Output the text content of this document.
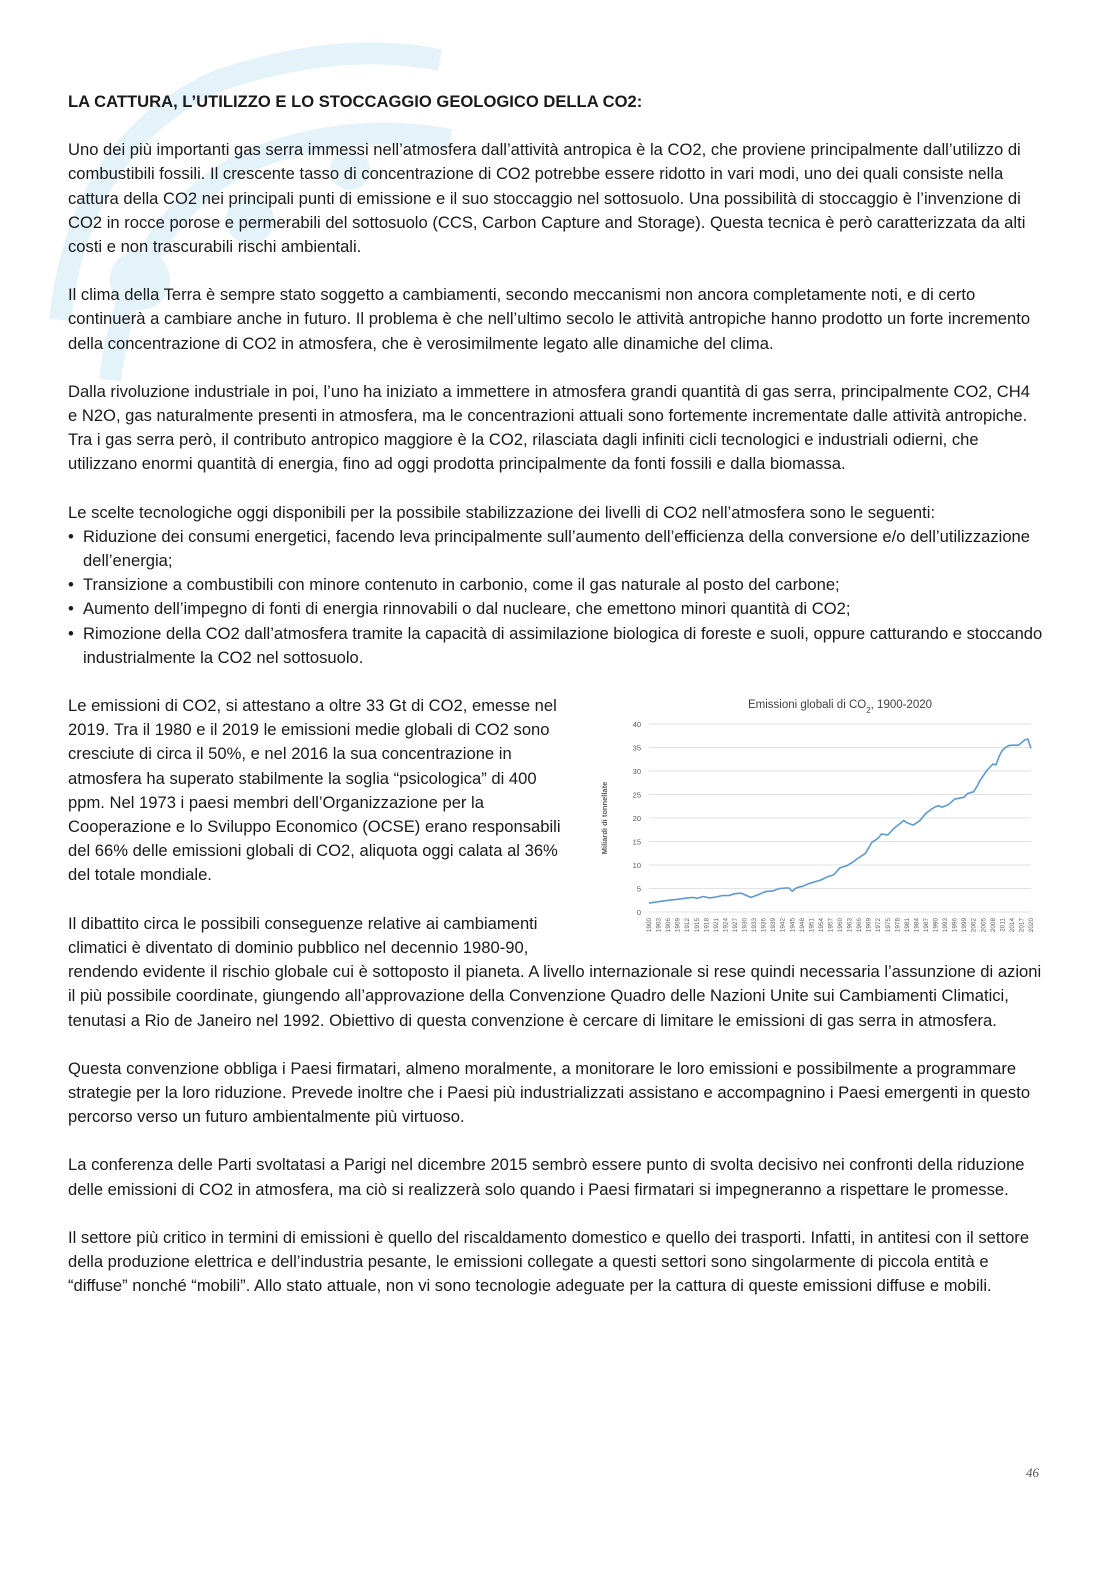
LA CATTURA, L’UTILIZZO E LO STOCCAGGIO GEOLOGICO DELLA CO2:

Uno dei più importanti gas serra immessi nell’atmosfera dall’attività antropica è la CO2, che proviene principalmente dall’utilizzo di combustibili fossili. Il crescente tasso di concentrazione di CO2 potrebbe essere ridotto in vari modi, uno dei quali consiste nella cattura della CO2 nei principali punti di emissione e il suo stoccaggio nel sottosuolo. Una possibilità di stoccaggio è l’invenzione di CO2 in rocce porose e permerabili del sottosuolo (CCS, Carbon Capture and Storage). Questa tecnica è però caratterizzata da alti costi e non trascurabili rischi ambientali.

Il clima della Terra è sempre stato soggetto a cambiamenti, secondo meccanismi non ancora completamente noti, e di certo continuerà a cambiare anche in futuro. Il problema è che nell’ultimo secolo le attività antropiche hanno prodotto un forte incremento della concentrazione di CO2 in atmosfera, che è verosimilmente legato alle dinamiche del clima.

Dalla rivoluzione industriale in poi, l’uno ha iniziato a immettere in atmosfera grandi quantità di gas serra, principalmente CO2, CH4 e N2O, gas naturalmente presenti in atmosfera, ma le concentrazioni attuali sono fortemente incrementate dalle attività antropiche. Tra i gas serra però, il contributo antropico maggiore è la CO2, rilasciata dagli infiniti cicli tecnologici e industriali odierni, che utilizzano enormi quantità di energia, fino ad oggi prodotta principalmente da fonti fossili e dalla biomassa.

Le scelte tecnologiche oggi disponibili per la possibile stabilizzazione dei livelli di CO2 nell’atmosfera sono le seguenti:
• Riduzione dei consumi energetici, facendo leva principalmente sull’aumento dell’efficienza della conversione e/o dell’utilizzazione dell’energia;
• Transizione a combustibili con minore contenuto in carbonio, come il gas naturale al posto del carbone;
• Aumento dell’impegno di fonti di energia rinnovabili o dal nucleare, che emettono minori quantità di CO2;
• Rimozione della CO2 dall’atmosfera tramite la capacità di assimilazione biologica di foreste e suoli, oppure catturando e stoccando industrialmente la CO2 nel sottosuolo.
Emissioni globali di $CO_2$, 1900-2020
0
5
10
15
20
25
30
35
40
Miliardi di tonnellate
1900 1903 1906 1909 1912 1915 1918 1921 1924 1927 1930 1933 1936 1939 1942 1945 1948 1951 1954 1957 1960 1963 1966 1969 1972 1975 1978 1981 1984 1987 1990 1993 1996 1999 2002 2005 2008 2011 2014 2017 2020

Le emissioni di CO2, si attestano a oltre 33 Gt di CO2, emesse nel 2019. Tra il 1980 e il 2019 le emissioni medie globali di CO2 sono cresciute di circa il 50%, e nel 2016 la sua concentrazione in atmosfera ha superato stabilmente la soglia “psicologica” di 400 ppm. Nel 1973 i paesi membri dell’Organizzazione per la Cooperazione e lo Sviluppo Economico (OCSE) erano responsabili del 66% delle emissioni globali di CO2, aliquota oggi calata al 36% del totale mondiale.

Il dibattito circa le possibili conseguenze relative ai cambiamenti climatici è diventato di dominio pubblico nel decennio 1980-90, rendendo evidente il rischio globale cui è sottoposto il pianeta. A livello internazionale si rese quindi necessaria l’assunzione di azioni il più possibile coordinate, giungendo all’approvazione della Convenzione Quadro delle Nazioni Unite sui Cambiamenti Climatici, tenutasi a Rio de Janeiro nel 1992. Obiettivo di questa convenzione è cercare di limitare le emissioni di gas serra in atmosfera.

Questa convenzione obbliga i Paesi firmatari, almeno moralmente, a monitorare le loro emissioni e possibilmente a programmare strategie per la loro riduzione. Prevede inoltre che i Paesi più industrializzati assistano e accompagnino i Paesi emergenti in questo percorso verso un futuro ambientalmente più virtuoso.

La conferenza delle Parti svoltatasi a Parigi nel dicembre 2015 sembrò essere punto di svolta decisivo nei confronti della riduzione delle emissioni di CO2 in atmosfera, ma ciò si realizzerà solo quando i Paesi firmatari si impegneranno a rispettare le promesse.

Il settore più critico in termini di emissioni è quello del riscaldamento domestico e quello dei trasporti. Infatti, in antitesi con il settore della produzione elettrica e dell’industria pesante, le emissioni collegate a questi settori sono singolarmente di piccola entità e “diffuse” nonché “mobili”. Allo stato attuale, non vi sono tecnologie adeguate per la cattura di queste emissioni diffuse e mobili.

46
